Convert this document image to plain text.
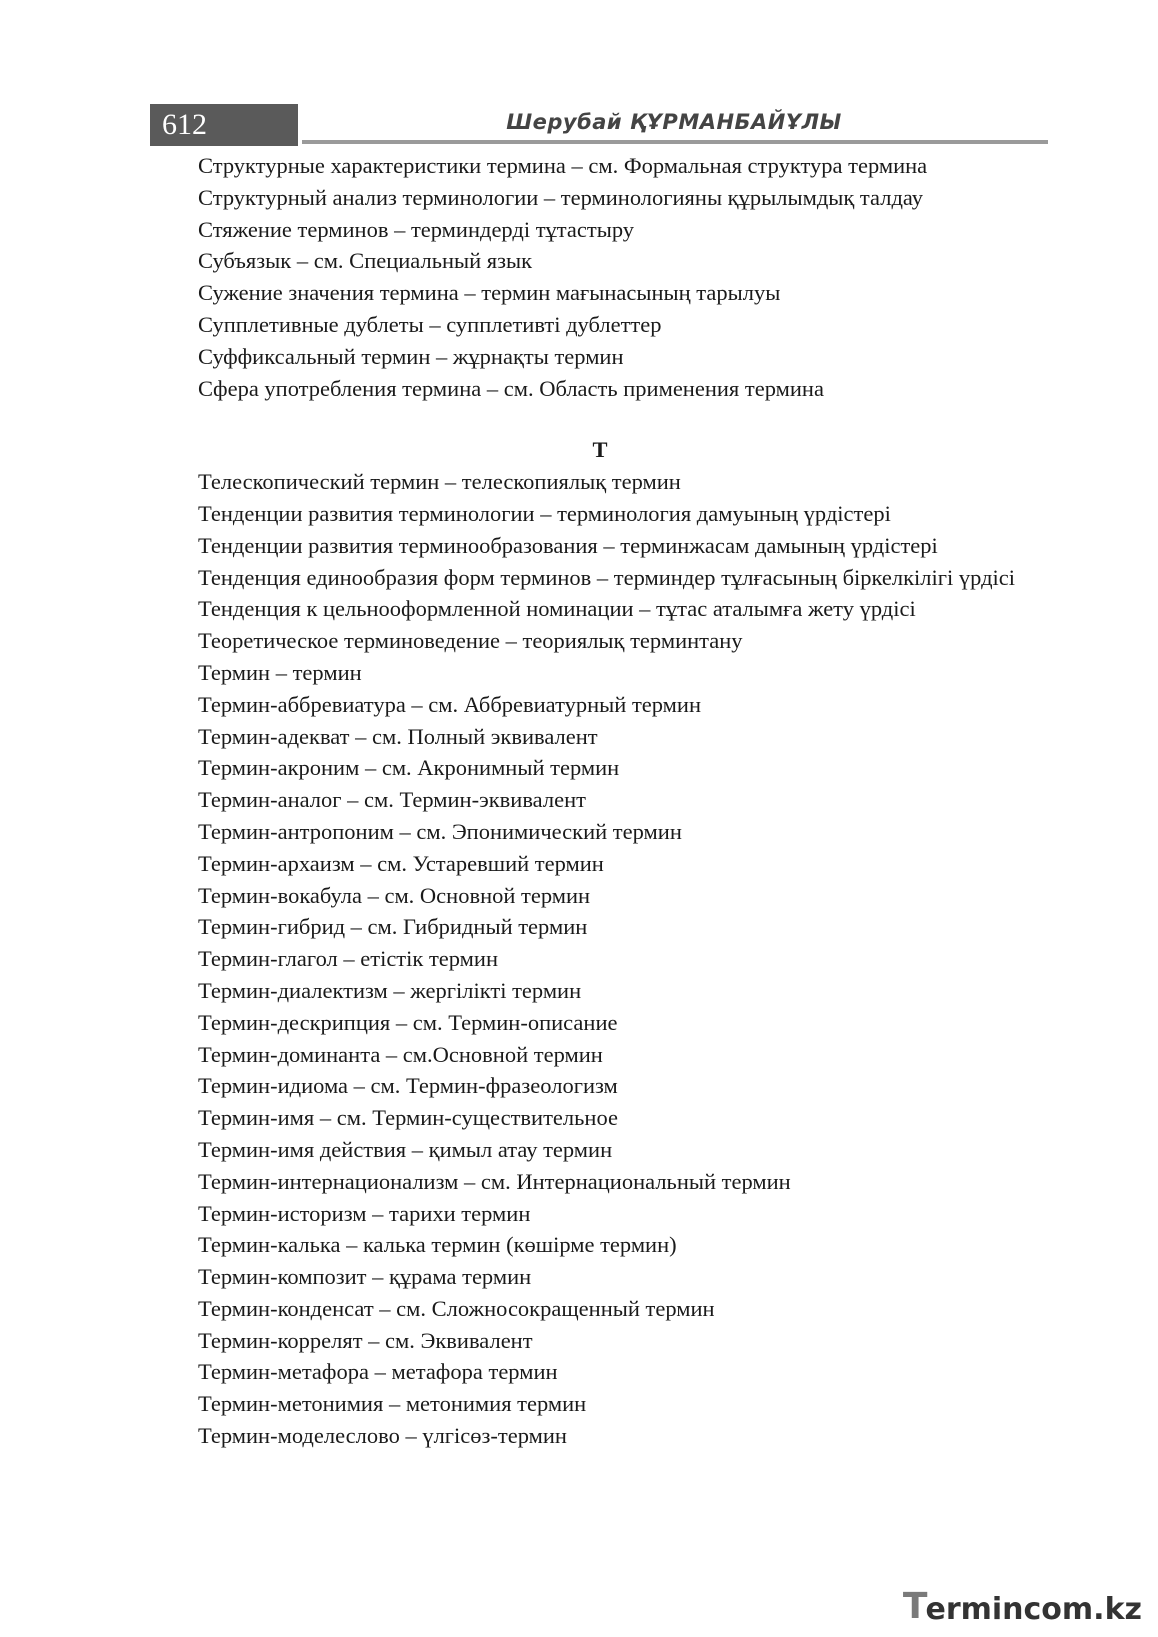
612	Шерубай ҚҰРМАНБАЙҰЛЫ
Структурные характеристики термина – см. Формальная структура термина
Структурный анализ терминологии – терминологияны құрылымдық талдау
Стяжение терминов – терминдерді тұтастыру
Субъязык – см. Специальный язык
Сужение значения термина – термин мағынасының тарылуы
Супплетивные дублеты – супплетивті дублеттер
Суффиксальный термин – жұрнақты термин
Сфера употребления термина – см. Область применения термина
Т
Телескопический термин – телескопиялық термин
Тенденции развития терминологии – терминология дамуының үрдістері
Тенденции развития терминообразования – терминжасам дамының үрдістері
Тенденция единообразия форм терминов – терминдер тұлғасының біркелкілігі үрдісі
Тенденция к цельнооформленной номинации – тұтас аталымға жету үрдісі
Теоретическое терминоведение – теориялық терминтану
Термин – термин
Термин-аббревиатура – см. Аббревиатурный термин
Термин-адекват – см. Полный эквивалент
Термин-акроним – см. Акронимный термин
Термин-аналог – см. Термин-эквивалент
Термин-антропоним – см. Эпонимический термин
Термин-архаизм – см. Устаревший термин
Термин-вокабула – см. Основной термин
Термин-гибрид – см. Гибридный термин
Термин-глагол – етістік термин
Термин-диалектизм – жергілікті термин
Термин-дескрипция – см. Термин-описание
Термин-доминанта – см.Основной термин
Термин-идиома – см. Термин-фразеологизм
Термин-имя – см. Термин-существительное
Термин-имя действия – қимыл атау термин
Термин-интернационализм – см. Интернациональный термин
Термин-историзм – тарихи термин
Термин-калька – калька термин (көшірме термин)
Термин-композит – құрама термин
Термин-конденсат – см. Сложносокращенный термин
Термин-коррелят – см. Эквивалент
Термин-метафора – метафора термин
Термин-метонимия – метонимия термин
Термин-моделеслово – үлгісөз-термин
T
ermincom.kz
